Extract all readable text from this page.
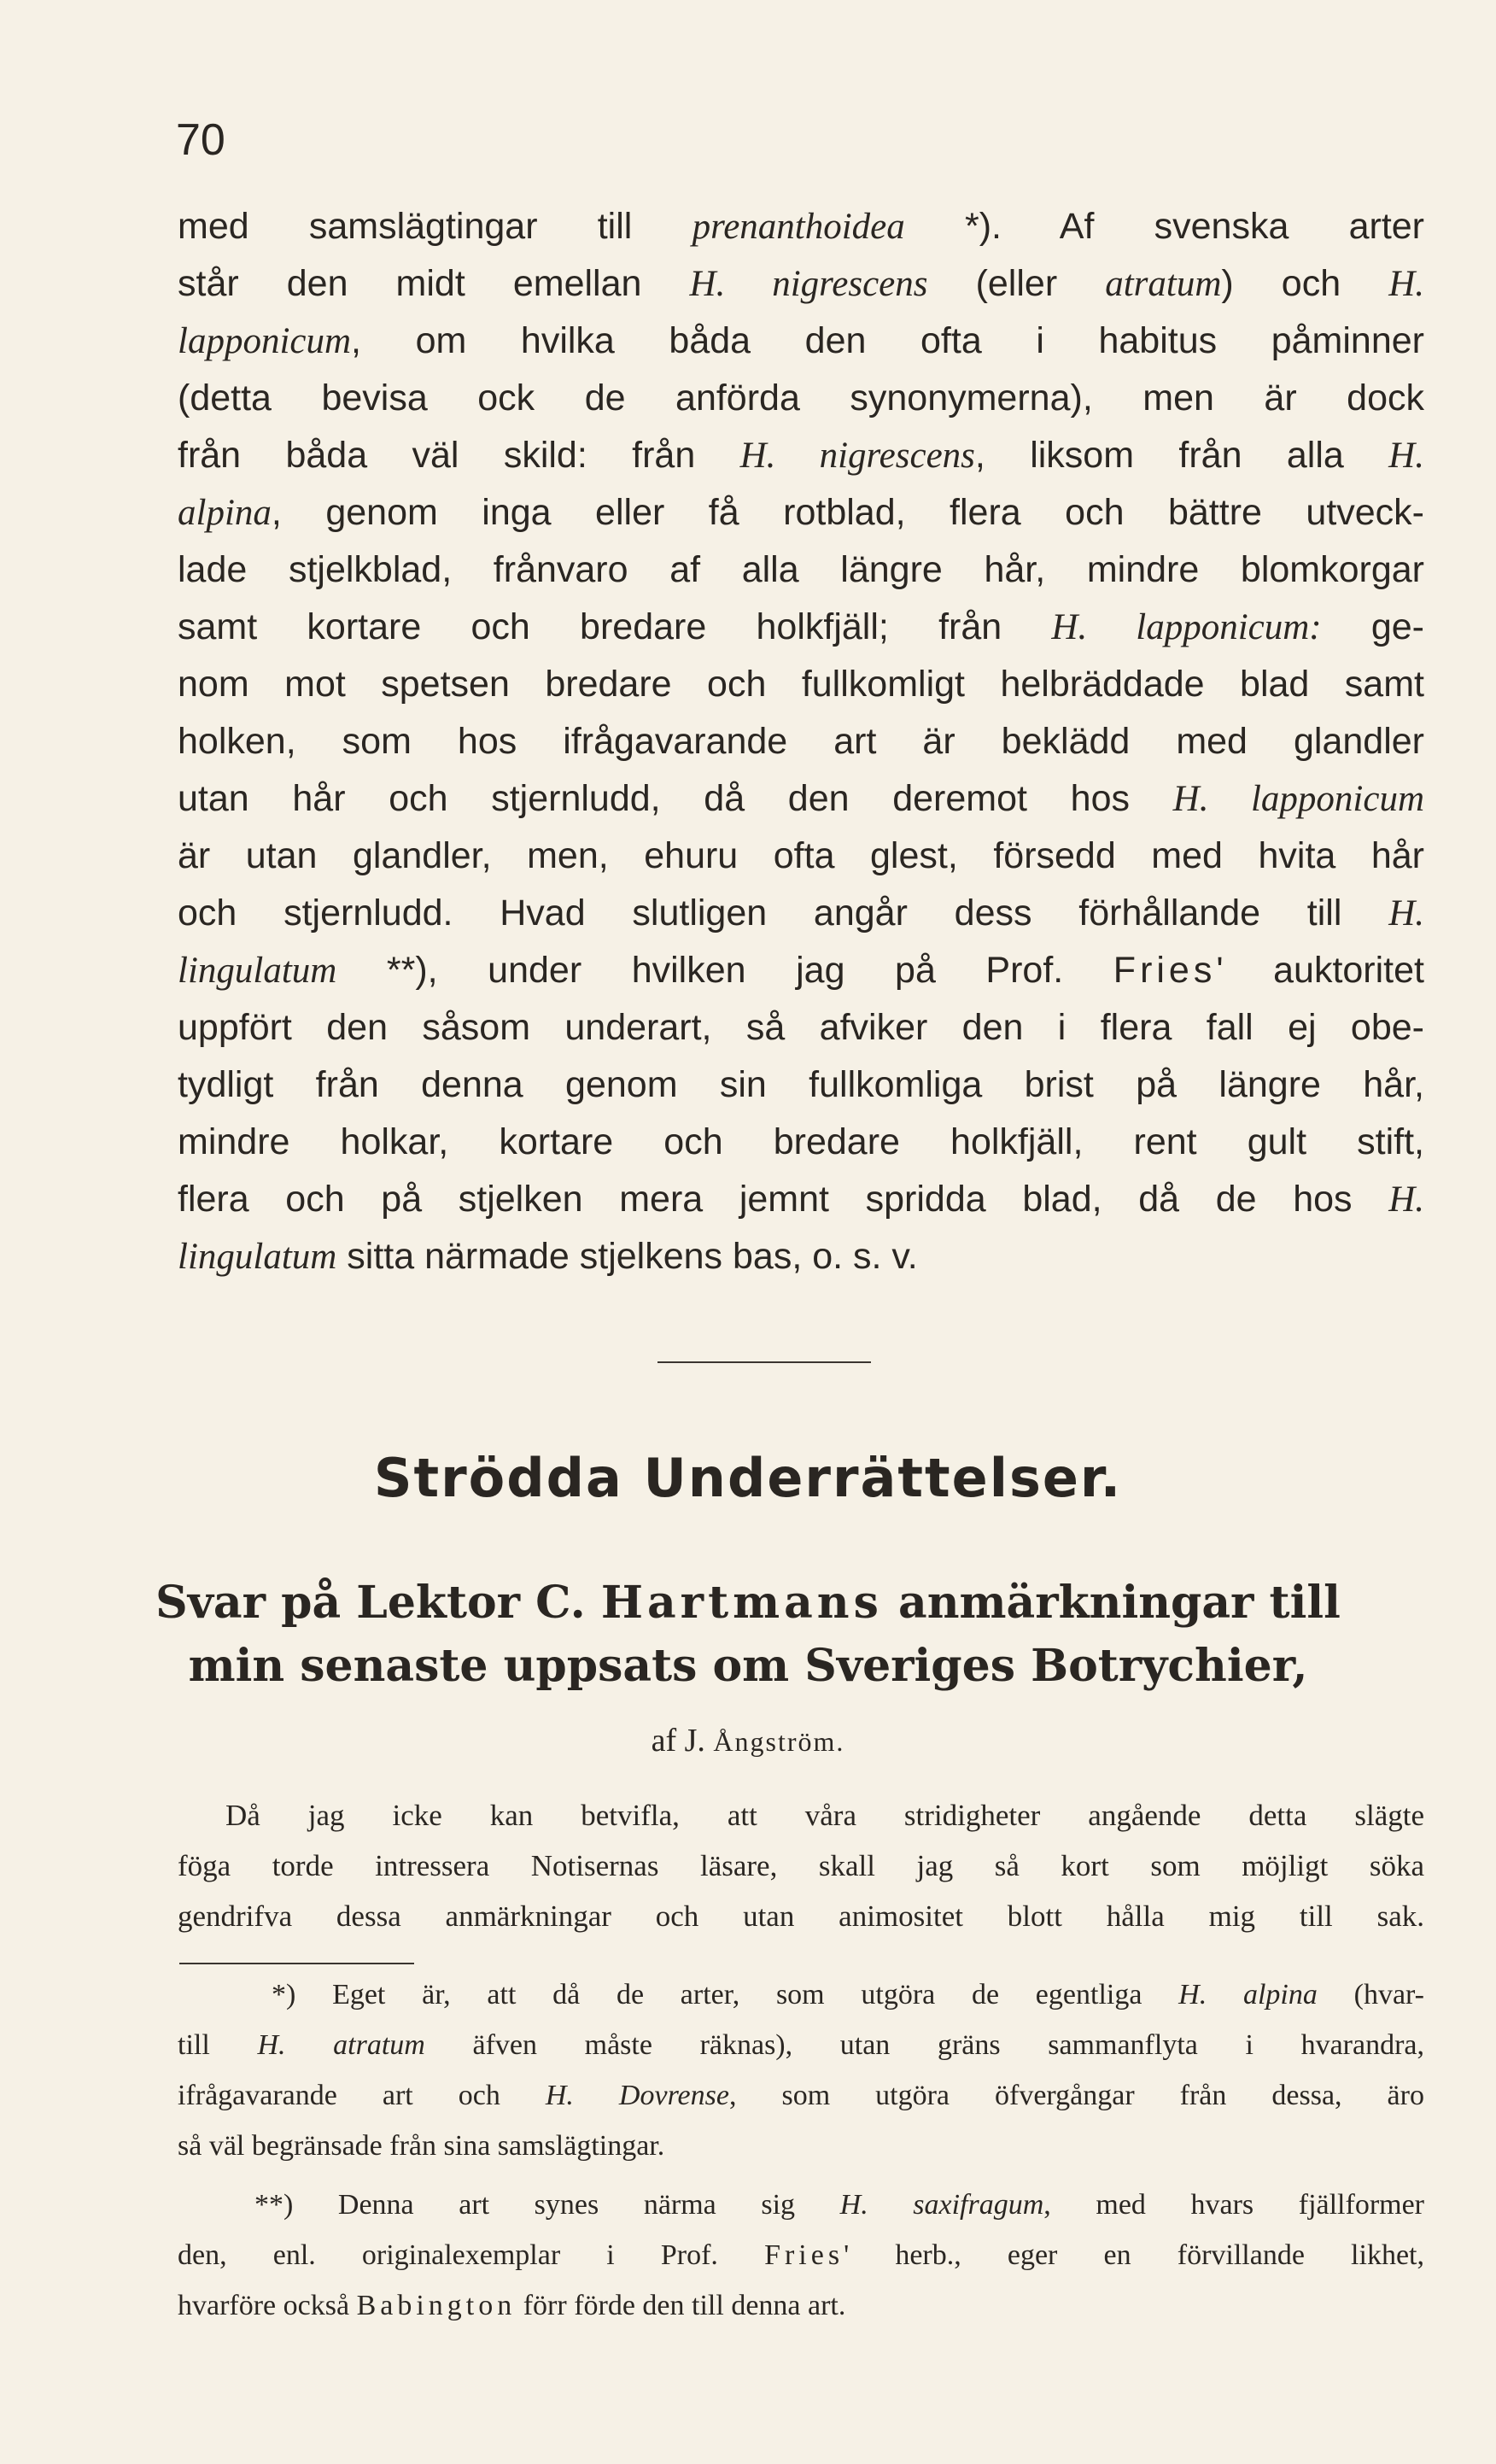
70
med samslägtingar till prenanthoidea *). Af svenska arter
står den midt emellan H. nigrescens (eller atratum) och H.
lapponicum, om hvilka båda den ofta i habitus påminner
(detta bevisa ock de anförda synonymerna), men är dock
från båda väl skild: från H. nigrescens, liksom från alla H.
alpina, genom inga eller få rotblad, flera och bättre utveck-
lade stjelkblad, frånvaro af alla längre hår, mindre blomkorgar
samt kortare och bredare holkfjäll; från H. lapponicum: ge-
nom mot spetsen bredare och fullkomligt helbräddade blad samt
holken, som hos ifrågavarande art är beklädd med glandler
utan hår och stjernludd, då den deremot hos H. lapponicum
är utan glandler, men, ehuru ofta glest, försedd med hvita hår
och stjernludd. Hvad slutligen angår dess förhållande till H.
lingulatum **), under hvilken jag på Prof. Fries' auktoritet
uppfört den såsom underart, så afviker den i flera fall ej obe-
tydligt från denna genom sin fullkomliga brist på längre hår,
mindre holkar, kortare och bredare holkfjäll, rent gult stift,
flera och på stjelken mera jemnt spridda blad, då de hos H.
lingulatum sitta närmade stjelkens bas, o. s. v.
Strödda Underrättelser.
Svar på Lektor C. Hartmans anmärkningar till
min senaste uppsats om Sveriges Botrychier,
af J. Ångström.
Då jag icke kan betvifla, att våra stridigheter angående detta slägte
föga torde intressera Notisernas läsare, skall jag så kort som möjligt söka
gendrifva dessa anmärkningar och utan animositet blott hålla mig till sak.
*) Eget är, att då de arter, som utgöra de egentliga H. alpina (hvar-
till H. atratum äfven måste räknas), utan gräns sammanflyta i hvarandra,
ifrågavarande art och H. Dovrense, som utgöra öfvergångar från dessa, äro
så väl begränsade från sina samslägtingar.
**) Denna art synes närma sig H. saxifragum, med hvars fjällformer
den, enl. originalexemplar i Prof. Fries' herb., eger en förvillande likhet,
hvarföre också Babington förr förde den till denna art.
